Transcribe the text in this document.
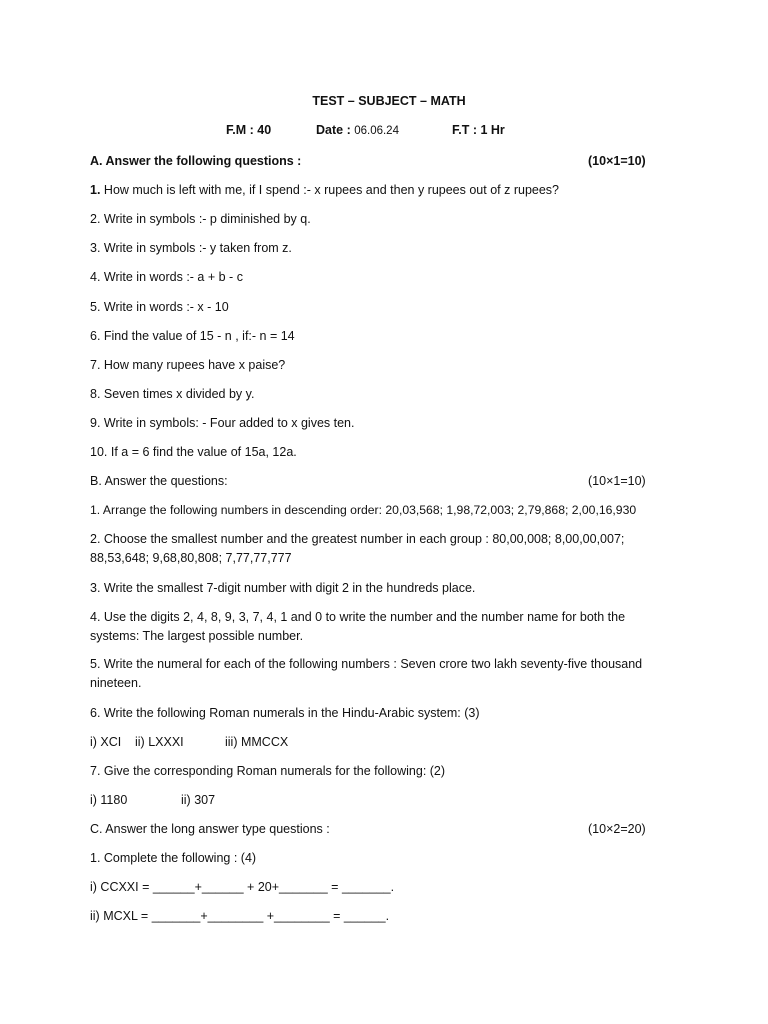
TEST – SUBJECT – MATH
F.M : 40	Date : 06.06.24	F.T : 1 Hr
A. Answer the following questions :	(10×1=10)
1. How much is left with me, if I spend :- x rupees and then y rupees out of z rupees?
2. Write in symbols :- p diminished by q.
3. Write in symbols :- y taken from z.
4. Write in words :- a + b - c
5. Write in words :- x - 10
6. Find the value of 15 - n , if:- n = 14
7. How many rupees have x paise?
8. Seven times x divided by y.
9. Write in symbols: - Four added to x gives ten.
10. If a = 6 find the value of 15a, 12a.
B. Answer the questions:	(10×1=10)
1. Arrange the following numbers in descending order: 20,03,568; 1,98,72,003; 2,79,868; 2,00,16,930
2. Choose the smallest number and the greatest number in each group : 80,00,008; 8,00,00,007; 88,53,648; 9,68,80,808; 7,77,77,777
3. Write the smallest 7-digit number with digit 2 in the hundreds place.
4. Use the digits 2, 4, 8, 9, 3, 7, 4, 1 and 0 to write the number and the number name for both the systems: The largest possible number.
5. Write the numeral for each of the following numbers : Seven crore two lakh seventy-five thousand nineteen.
6. Write the following Roman numerals in the Hindu-Arabic system: (3)
i) XCI ii) LXXXI	iii) MMCCX
7. Give the corresponding Roman numerals for the following: (2)
i) 1180	ii) 307
C. Answer the long answer type questions :	(10×2=20)
1. Complete the following : (4)
i) CCXXI = ______+______ + 20+_______ = _______.
ii) MCXL = _______+________ +________ = ______.
